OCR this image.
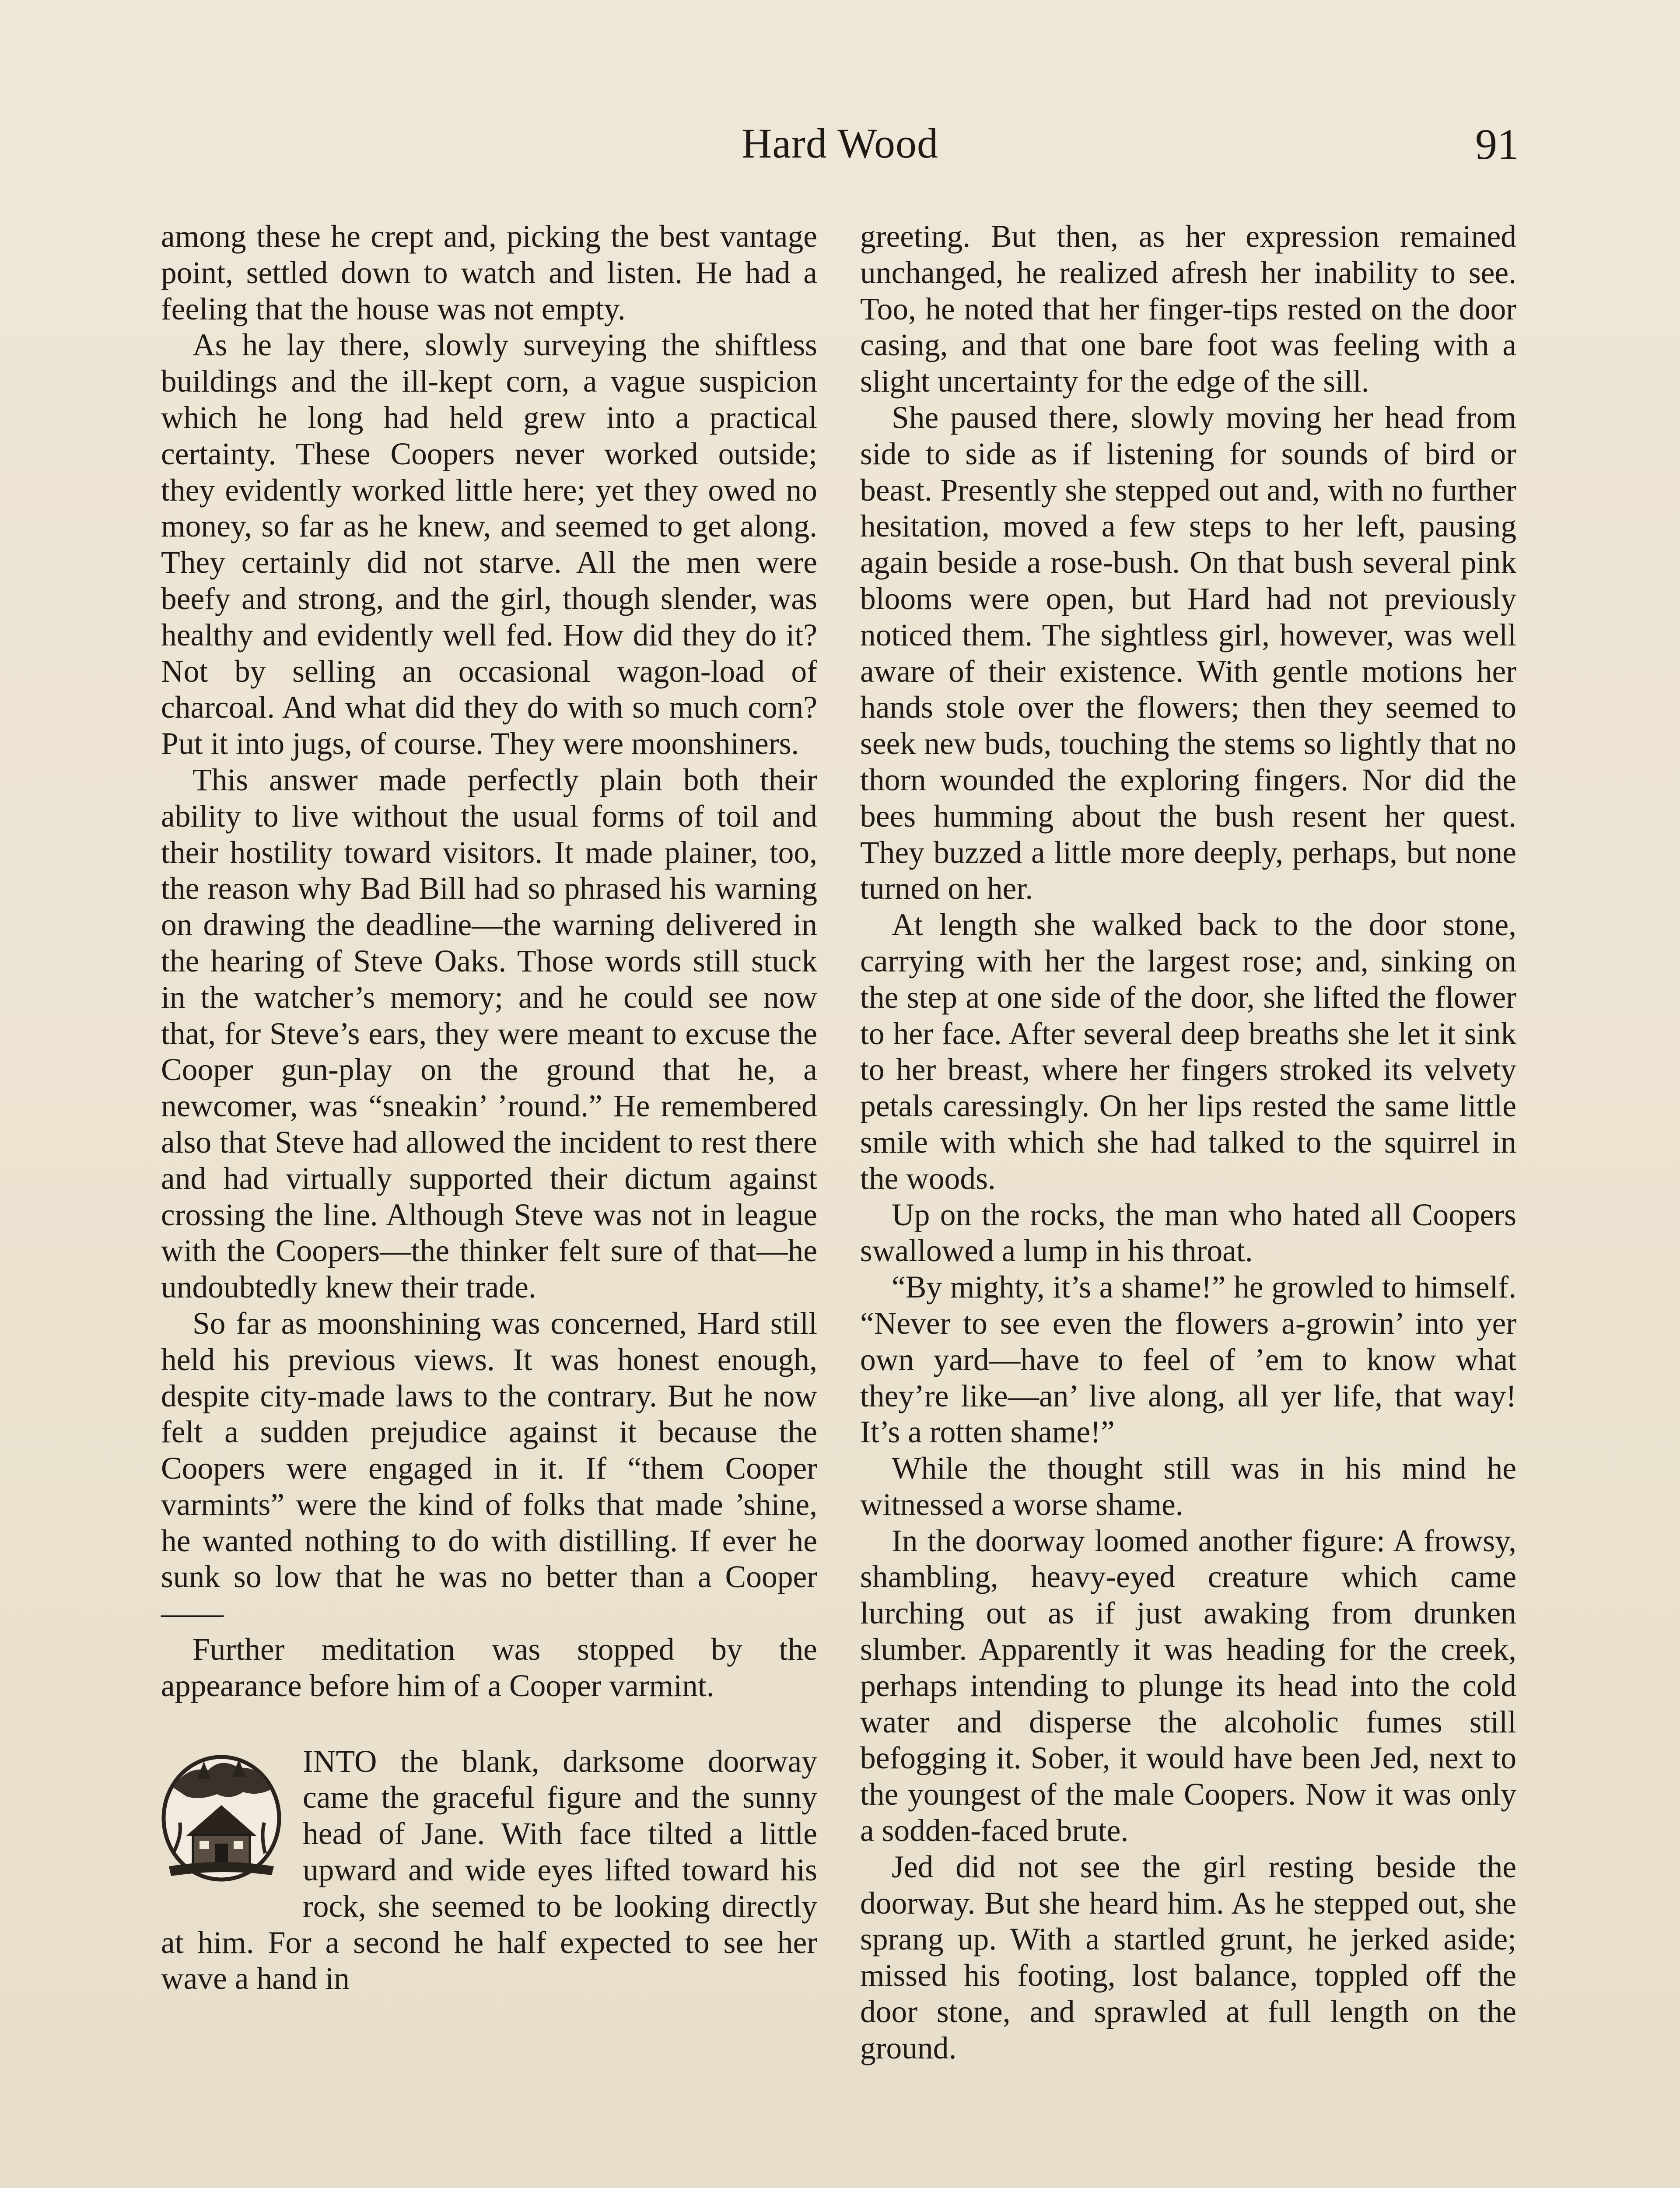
Hard Wood	91

among these he crept and, picking the best vantage point, settled down to watch and listen. He had a feeling that the house was not empty.

As he lay there, slowly surveying the shiftless buildings and the ill-kept corn, a vague suspicion which he long had held grew into a practical certainty. These Coopers never worked outside; they evidently worked little here; yet they owed no money, so far as he knew, and seemed to get along. They certainly did not starve. All the men were beefy and strong, and the girl, though slender, was healthy and evidently well fed. How did they do it? Not by selling an occasional wagon-load of charcoal. And what did they do with so much corn? Put it into jugs, of course. They were moonshiners.

This answer made perfectly plain both their ability to live without the usual forms of toil and their hostility toward visitors. It made plainer, too, the reason why Bad Bill had so phrased his warning on drawing the deadline—the warning delivered in the hearing of Steve Oaks. Those words still stuck in the watcher’s memory; and he could see now that, for Steve’s ears, they were meant to excuse the Cooper gun-play on the ground that he, a newcomer, was “sneakin’ ’round.” He remembered also that Steve had allowed the incident to rest there and had virtually supported their dictum against crossing the line. Although Steve was not in league with the Coopers—the thinker felt sure of that—he undoubtedly knew their trade.

So far as moonshining was concerned, Hard still held his previous views. It was honest enough, despite city-made laws to the contrary. But he now felt a sudden prejudice against it because the Coopers were engaged in it. If “them Cooper varmints” were the kind of folks that made ’shine, he wanted nothing to do with distilling. If ever he sunk so low that he was no better than a Cooper——

Further meditation was stopped by the appearance before him of a Cooper varmint.

INTO the blank, darksome doorway came the graceful figure and the sunny head of Jane. With face tilted a little upward and wide eyes lifted toward his rock, she seemed to be looking directly at him. For a second he half expected to see her wave a hand in

greeting. But then, as her expression remained unchanged, he realized afresh her inability to see. Too, he noted that her finger-tips rested on the door casing, and that one bare foot was feeling with a slight uncertainty for the edge of the sill.

She paused there, slowly moving her head from side to side as if listening for sounds of bird or beast. Presently she stepped out and, with no further hesitation, moved a few steps to her left, pausing again beside a rose-bush. On that bush several pink blooms were open, but Hard had not previously noticed them. The sightless girl, however, was well aware of their existence. With gentle motions her hands stole over the flowers; then they seemed to seek new buds, touching the stems so lightly that no thorn wounded the exploring fingers. Nor did the bees humming about the bush resent her quest. They buzzed a little more deeply, perhaps, but none turned on her.

At length she walked back to the door stone, carrying with her the largest rose; and, sinking on the step at one side of the door, she lifted the flower to her face. After several deep breaths she let it sink to her breast, where her fingers stroked its velvety petals caressingly. On her lips rested the same little smile with which she had talked to the squirrel in the woods.

Up on the rocks, the man who hated all Coopers swallowed a lump in his throat.

“By mighty, it’s a shame!” he growled to himself. “Never to see even the flowers a-growin’ into yer own yard—have to feel of ’em to know what they’re like—an’ live along, all yer life, that way! It’s a rotten shame!”

While the thought still was in his mind he witnessed a worse shame.

In the doorway loomed another figure: A frowsy, shambling, heavy-eyed creature which came lurching out as if just awaking from drunken slumber. Apparently it was heading for the creek, perhaps intending to plunge its head into the cold water and disperse the alcoholic fumes still befogging it. Sober, it would have been Jed, next to the youngest of the male Coopers. Now it was only a sodden-faced brute.

Jed did not see the girl resting beside the doorway. But she heard him. As he stepped out, she sprang up. With a startled grunt, he jerked aside; missed his footing, lost balance, toppled off the door stone, and sprawled at full length on the ground.
